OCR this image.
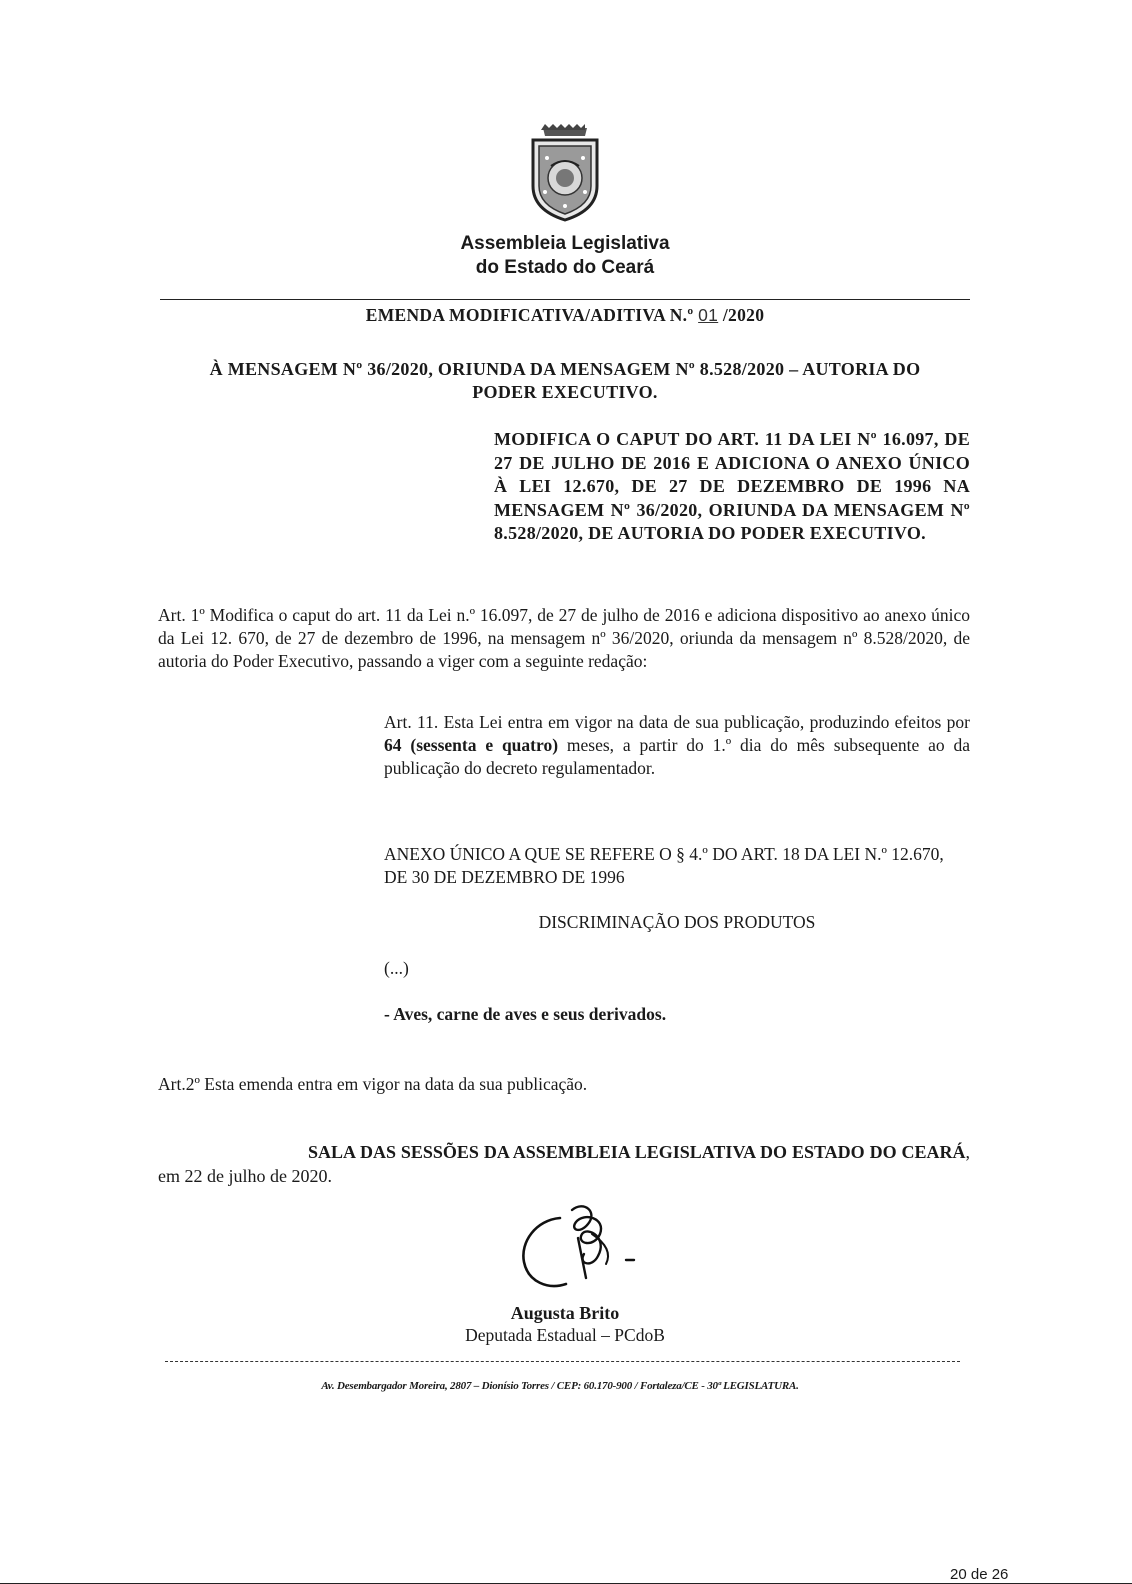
Assembleia Legislativa
do Estado do Ceará
EMENDA MODIFICATIVA/ADITIVA N.º 01 /2020
À MENSAGEM Nº 36/2020, ORIUNDA DA MENSAGEM Nº 8.528/2020 – AUTORIA DO
PODER EXECUTIVO.
MODIFICA O CAPUT DO ART. 11 DA LEI Nº 16.097, DE 27 DE JULHO DE 2016 E ADICIONA O ANEXO ÚNICO À LEI 12.670, DE 27 DE DEZEMBRO DE 1996 NA MENSAGEM Nº 36/2020, ORIUNDA DA MENSAGEM Nº 8.528/2020, DE AUTORIA DO PODER EXECUTIVO.
Art. 1º Modifica o caput do art. 11 da Lei n.º 16.097, de 27 de julho de 2016 e adiciona dispositivo ao anexo único da Lei 12. 670, de 27 de dezembro de 1996, na mensagem nº 36/2020, oriunda da mensagem nº 8.528/2020, de autoria do Poder Executivo, passando a viger com a seguinte redação:
Art. 11. Esta Lei entra em vigor na data de sua publicação, produzindo efeitos por 64 (sessenta e quatro) meses, a partir do 1.º dia do mês subsequente ao da publicação do decreto regulamentador.
ANEXO ÚNICO A QUE SE REFERE O § 4.º DO ART. 18 DA LEI N.º 12.670, DE 30 DE DEZEMBRO DE 1996
DISCRIMINAÇÃO DOS PRODUTOS
(...)
- Aves, carne de aves e seus derivados.
Art.2º Esta emenda entra em vigor na data da sua publicação.
SALA DAS SESSÕES DA ASSEMBLEIA LEGISLATIVA DO ESTADO DO CEARÁ, em 22 de julho de 2020.
Augusta Brito
Deputada Estadual – PCdoB
Av. Desembargador Moreira, 2807 – Dionísio Torres / CEP: 60.170-900 / Fortaleza/CE - 30ª LEGISLATURA.
20 de 26
